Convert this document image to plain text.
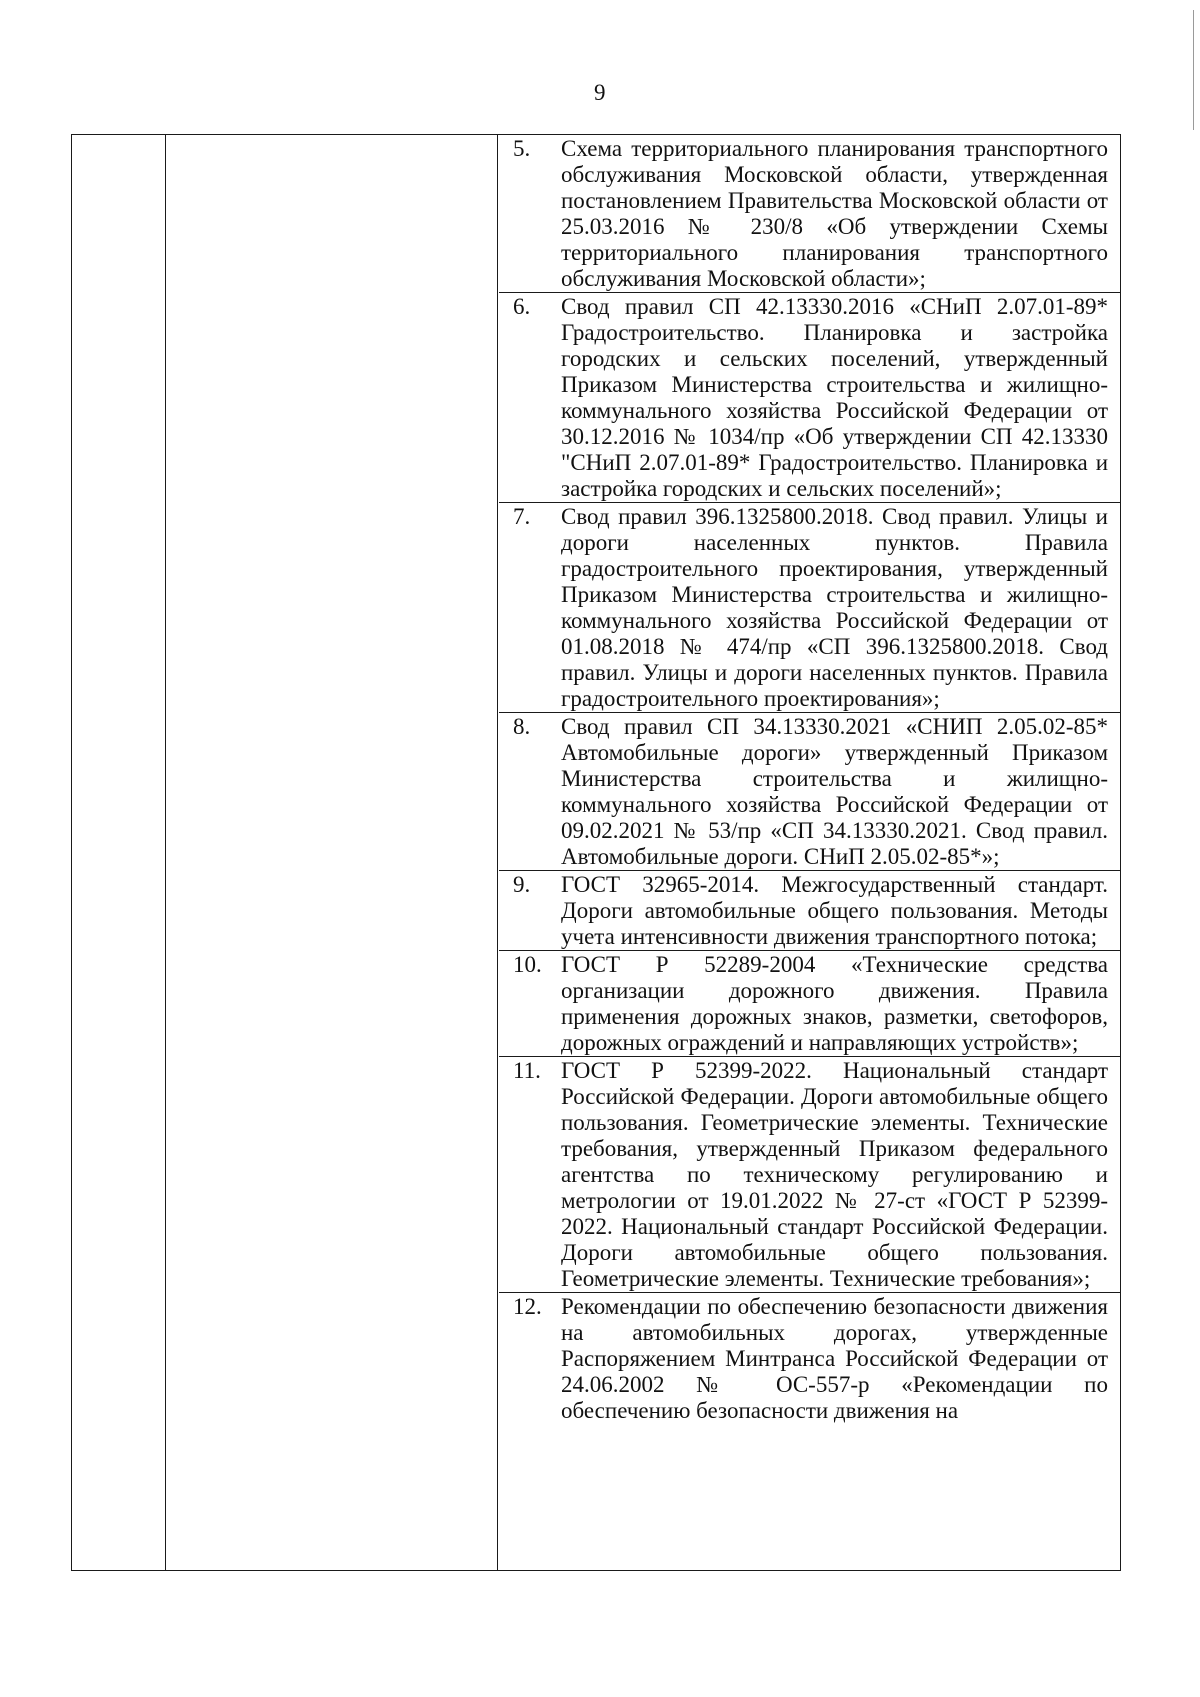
9
5. Схема территориального планирования транспортного обслуживания Московской области, утвержденная постановлением Правительства Московской области от 25.03.2016 № 230/8 «Об утверждении Схемы территориального планирования транспортного обслуживания Московской области»;
6. Свод правил СП 42.13330.2016 «СНиП 2.07.01-89* Градостроительство. Планировка и застройка городских и сельских поселений, утвержденный Приказом Министерства строительства и жилищно-коммунального хозяйства Российской Федерации от 30.12.2016 № 1034/пр «Об утверждении СП 42.13330 "СНиП 2.07.01-89* Градостроительство. Планировка и застройка городских и сельских поселений»;
7. Свод правил 396.1325800.2018. Свод правил. Улицы и дороги населенных пунктов. Правила градостроительного проектирования, утвержденный Приказом Министерства строительства и жилищно-коммунального хозяйства Российской Федерации от 01.08.2018 № 474/пр «СП 396.1325800.2018. Свод правил. Улицы и дороги населенных пунктов. Правила градостроительного проектирования»;
8. Свод правил СП 34.13330.2021 «СНИП 2.05.02-85* Автомобильные дороги» утвержденный Приказом Министерства строительства и жилищно-коммунального хозяйства Российской Федерации от 09.02.2021 № 53/пр «СП 34.13330.2021. Свод правил. Автомобильные дороги. СНиП 2.05.02-85*»;
9. ГОСТ 32965-2014. Межгосударственный стандарт. Дороги автомобильные общего пользования. Методы учета интенсивности движения транспортного потока;
10. ГОСТ Р 52289-2004 «Технические средства организации дорожного движения. Правила применения дорожных знаков, разметки, светофоров, дорожных ограждений и направляющих устройств»;
11. ГОСТ Р 52399-2022. Национальный стандарт Российской Федерации. Дороги автомобильные общего пользования. Геометрические элементы. Технические требования, утвержденный Приказом федерального агентства по техническому регулированию и метрологии от 19.01.2022 № 27-ст «ГОСТ Р 52399-2022. Национальный стандарт Российской Федерации. Дороги автомобильные общего пользования. Геометрические элементы. Технические требования»;
12. Рекомендации по обеспечению безопасности движения на автомобильных дорогах, утвержденные Распоряжением Минтранса Российской Федерации от 24.06.2002 № ОС-557-р «Рекомендации по обеспечению безопасности движения на
